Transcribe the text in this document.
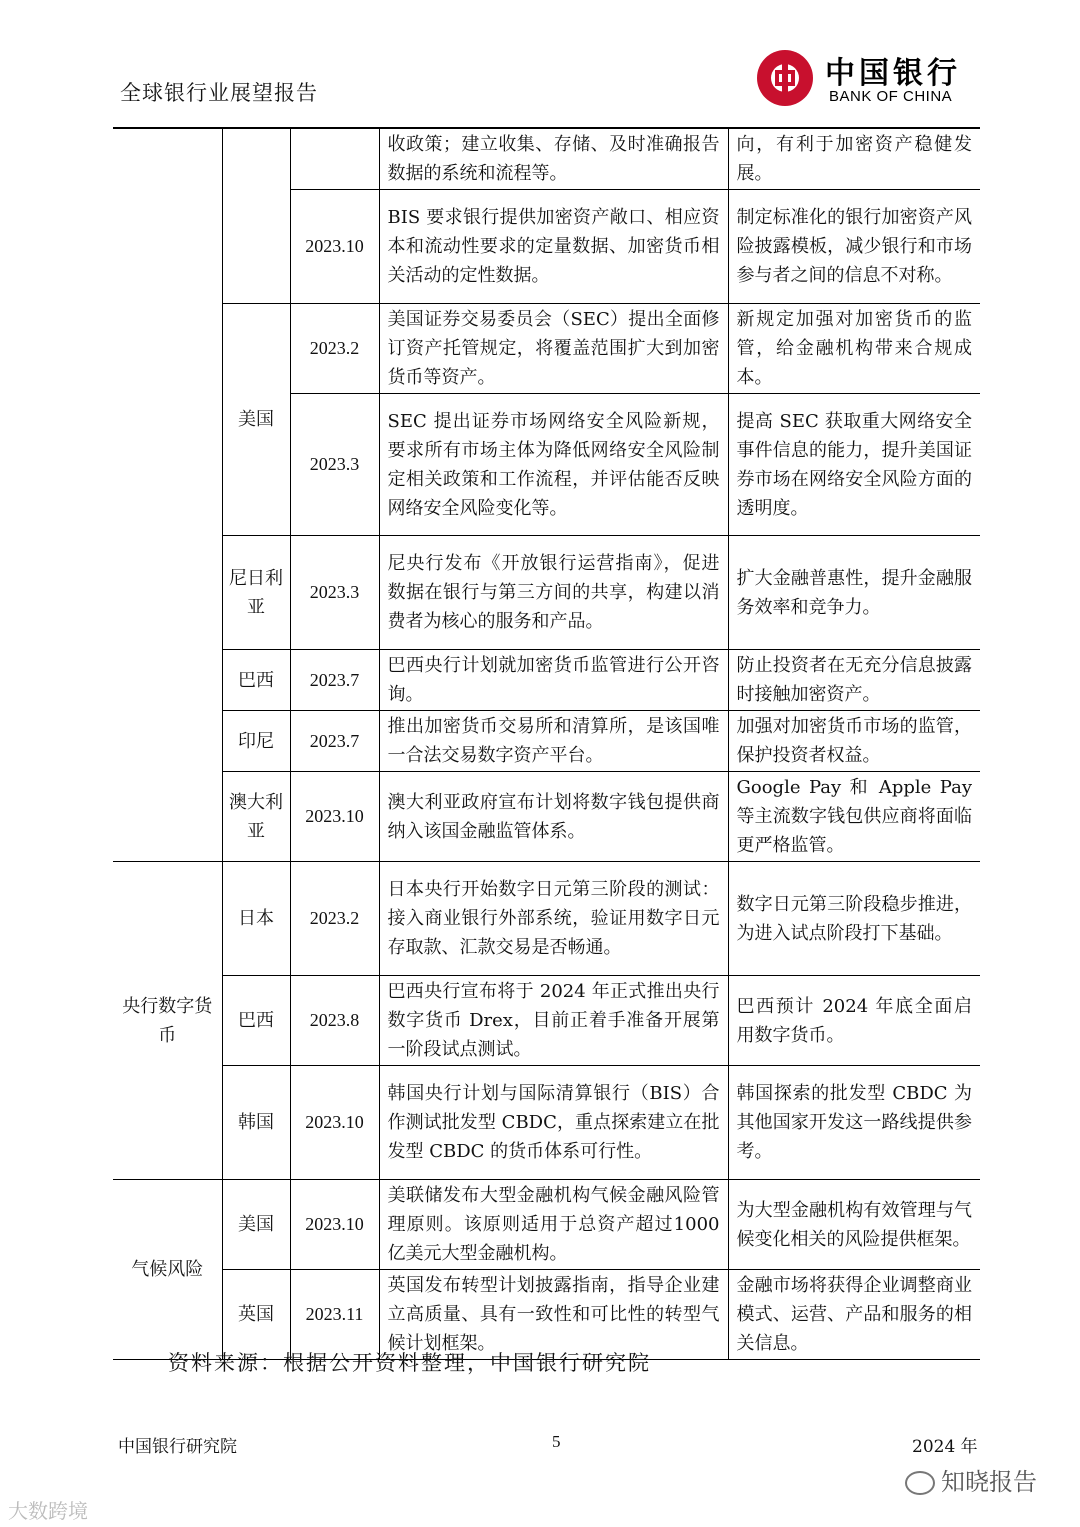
全球银行业展望报告
中国银行
BANK OF CHINA
			收政策；建立收集、存储、及时准确报告数据的系统和流程等。	向，有利于加密资产稳健发展。
		2023.10	BIS 要求银行提供加密资产敞口、相应资本和流动性要求的定量数据、加密货币相关活动的定性数据。	制定标准化的银行加密资产风险披露模板，减少银行和市场参与者之间的信息不对称。
	美国	2023.2	美国证券交易委员会（SEC）提出全面修订资产托管规定，将覆盖范围扩大到加密货币等资产。	新规定加强对加密货币的监管，给金融机构带来合规成本。
		2023.3	SEC 提出证券市场网络安全风险新规，要求所有市场主体为降低网络安全风险制定相关政策和工作流程，并评估能否反映网络安全风险变化等。	提高 SEC 获取重大网络安全事件信息的能力，提升美国证券市场在网络安全风险方面的透明度。
	尼日利亚	2023.3	尼央行发布《开放银行运营指南》，促进数据在银行与第三方间的共享，构建以消费者为核心的服务和产品。	扩大金融普惠性，提升金融服务效率和竞争力。
	巴西	2023.7	巴西央行计划就加密货币监管进行公开咨询。	防止投资者在无充分信息披露时接触加密资产。
	印尼	2023.7	推出加密货币交易所和清算所，是该国唯一合法交易数字资产平台。	加强对加密货币市场的监管，保护投资者权益。
	澳大利亚	2023.10	澳大利亚政府宣布计划将数字钱包提供商纳入该国金融监管体系。	Google Pay 和 Apple Pay 等主流数字钱包供应商将面临更严格监管。
央行数字货币	日本	2023.2	日本央行开始数字日元第三阶段的测试：接入商业银行外部系统，验证用数字日元存取款、汇款交易是否畅通。	数字日元第三阶段稳步推进，为进入试点阶段打下基础。
	巴西	2023.8	巴西央行宣布将于 2024 年正式推出央行数字货币 Drex，目前正着手准备开展第一阶段试点测试。	巴西预计 2024 年底全面启用数字货币。
	韩国	2023.10	韩国央行计划与国际清算银行（BIS）合作测试批发型 CBDC，重点探索建立在批发型 CBDC 的货币体系可行性。	韩国探索的批发型 CBDC 为其他国家开发这一路线提供参考。
气候风险	美国	2023.10	美联储发布大型金融机构气候金融风险管理原则。该原则适用于总资产超过1000 亿美元大型金融机构。	为大型金融机构有效管理与气候变化相关的风险提供框架。
	英国	2023.11	英国发布转型计划披露指南，指导企业建立高质量、具有一致性和可比性的转型气候计划框架。	金融市场将获得企业调整商业模式、运营、产品和服务的相关信息。
资料来源：根据公开资料整理，中国银行研究院
中国银行研究院	5	2024 年
知晓报告
大数跨境
